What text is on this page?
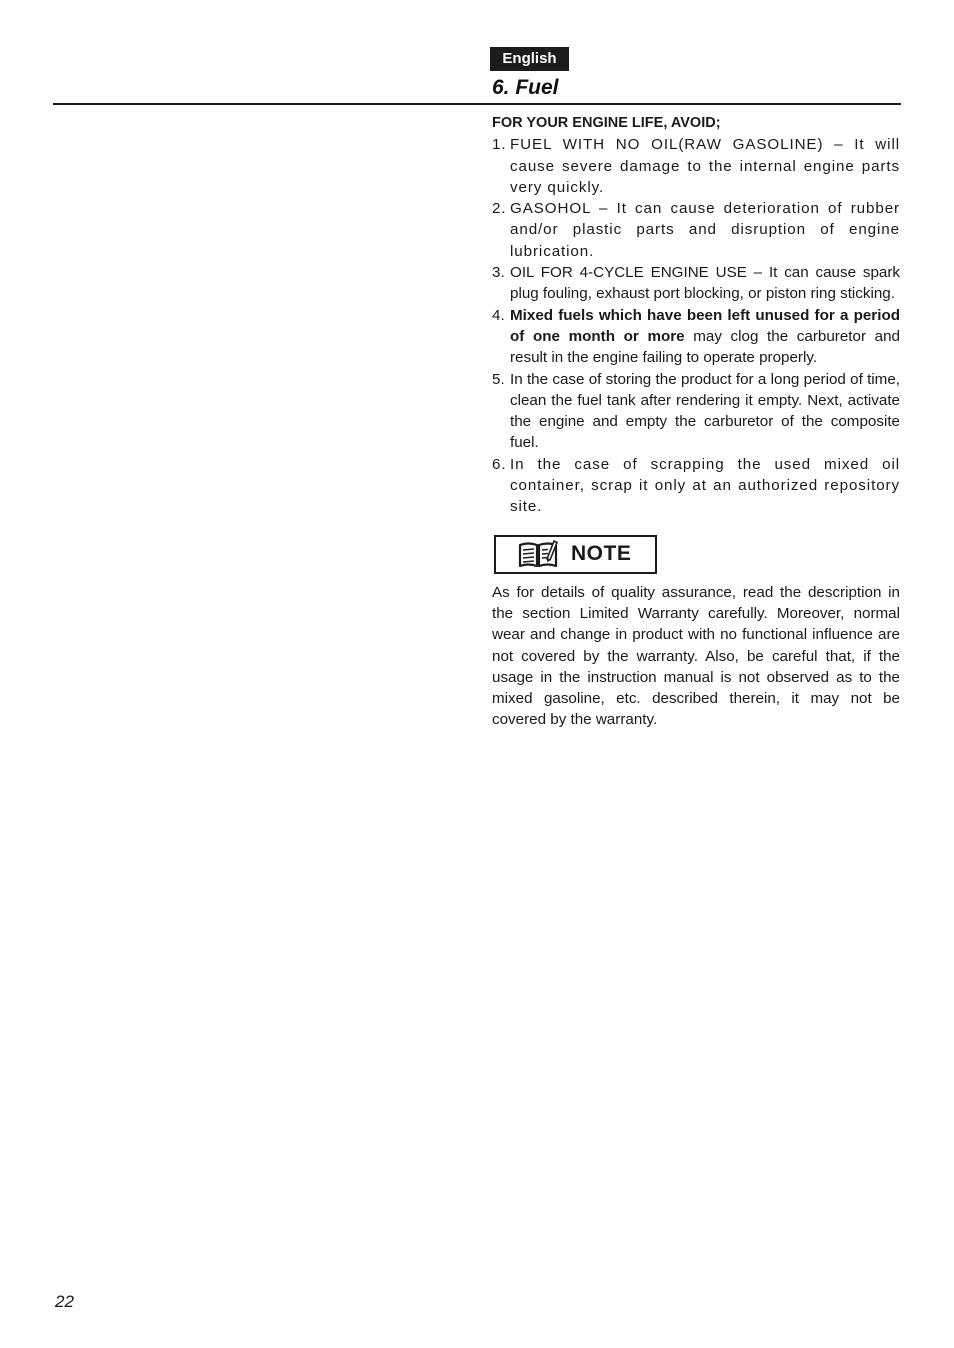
English
6. Fuel

FOR YOUR ENGINE LIFE, AVOID;

1. FUEL WITH NO OIL(RAW GASOLINE) – It will cause severe damage to the internal engine parts very quickly.
2. GASOHOL – It can cause deterioration of rubber and/or plastic parts and disruption of engine lubrication.
3. OIL FOR 4-CYCLE ENGINE USE – It can cause spark plug fouling, exhaust port blocking, or piston ring sticking.
4. Mixed fuels which have been left unused for a period of one month or more may clog the carburetor and result in the engine failing to operate properly.
5. In the case of storing the product for a long period of time, clean the fuel tank after rendering it empty. Next, activate the engine and empty the carburetor of the composite fuel.
6. In the case of scrapping the used mixed oil container, scrap it only at an authorized repository site.
NOTE

As for details of quality assurance, read the description in the section Limited Warranty carefully. Moreover, normal wear and change in product with no functional influence are not covered by the warranty. Also, be careful that, if the usage in the instruction manual is not observed as to the mixed gasoline, etc. described therein, it may not be covered by the warranty.

22
